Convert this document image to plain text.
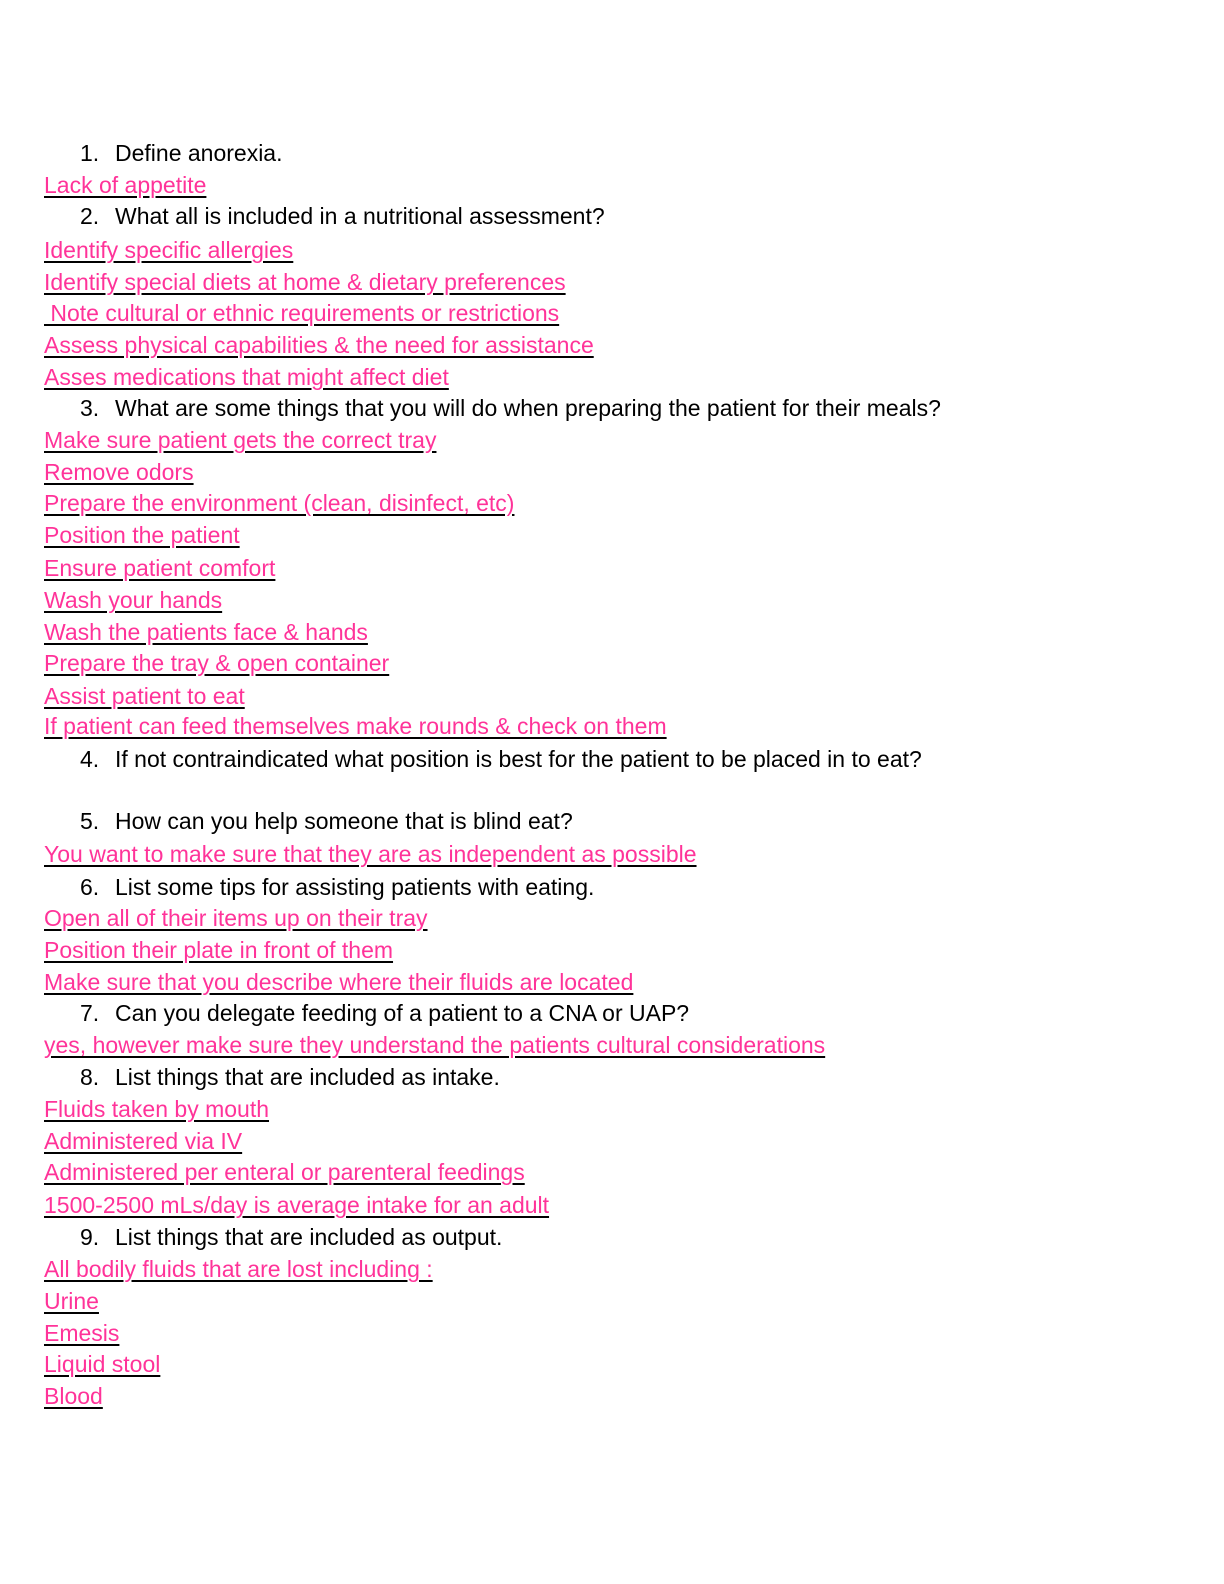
1. Define anorexia.
Lack of appetite
2. What all is included in a nutritional assessment?
Identify specific allergies
Identify special diets at home & dietary preferences
Note cultural or ethnic requirements or restrictions
Assess physical capabilities & the need for assistance
Asses medications that might affect diet
3. What are some things that you will do when preparing the patient for their meals?
Make sure patient gets the correct tray
Remove odors
Prepare the environment (clean, disinfect, etc)
Position the patient
Ensure patient comfort
Wash your hands
Wash the patients face & hands
Prepare the tray & open container
Assist patient to eat
If patient can feed themselves make rounds & check on them
4. If not contraindicated what position is best for the patient to be placed in to eat?
5. How can you help someone that is blind eat?
You want to make sure that they are as independent as possible
6. List some tips for assisting patients with eating.
Open all of their items up on their tray
Position their plate in front of them
Make sure that you describe where their fluids are located
7. Can you delegate feeding of a patient to a CNA or UAP?
yes, however make sure they understand the patients cultural considerations
8. List things that are included as intake.
Fluids taken by mouth
Administered via IV
Administered per enteral or parenteral feedings
1500-2500 mLs/day is average intake for an adult
9. List things that are included as output.
All bodily fluids that are lost including :
Urine
Emesis
Liquid stool
Blood
